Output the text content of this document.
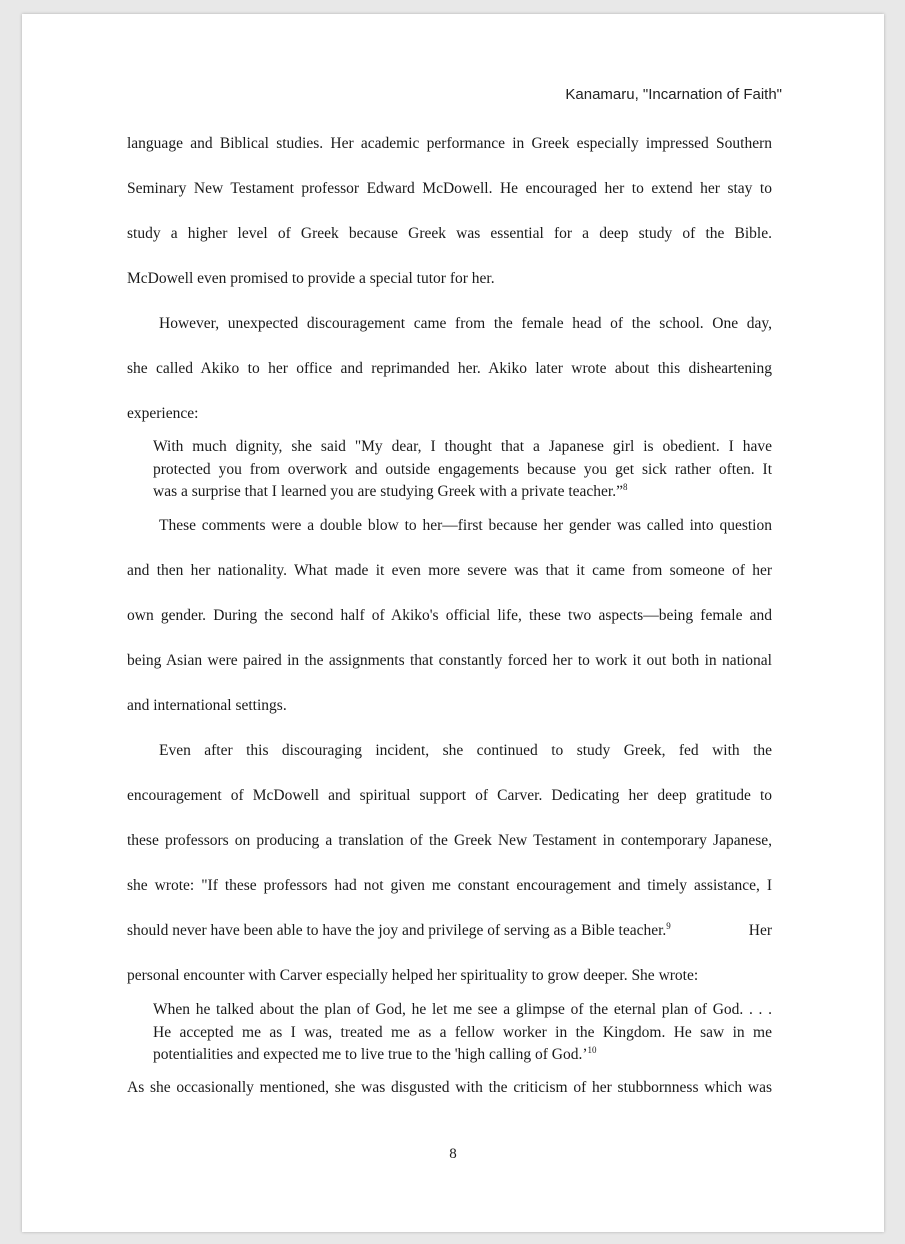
Kanamaru, "Incarnation of Faith"
language and Biblical studies. Her academic performance in Greek especially impressed Southern
Seminary New Testament professor Edward McDowell. He encouraged her to extend her stay to
study a higher level of Greek because Greek was essential for a deep study of the Bible.
McDowell even promised to provide a special tutor for her.
However, unexpected discouragement came from the female head of the school. One day,
she called Akiko to her office and reprimanded her. Akiko later wrote about this disheartening
experience:
With much dignity, she said "My dear, I thought that a Japanese girl is obedient. I have
protected you from overwork and outside engagements because you get sick rather often. It
was a surprise that I learned you are studying Greek with a private teacher.”$^8$
These comments were a double blow to her—first because her gender was called into question
and then her nationality. What made it even more severe was that it came from someone of her
own gender. During the second half of Akiko's official life, these two aspects—being female and
being Asian were paired in the assignments that constantly forced her to work it out both in national
and international settings.
Even after this discouraging incident, she continued to study Greek, fed with the
encouragement of McDowell and spiritual support of Carver. Dedicating her deep gratitude to
these professors on producing a translation of the Greek New Testament in contemporary Japanese,
she wrote: "If these professors had not given me constant encouragement and timely assistance, I
should never have been able to have the joy and privilege of serving as a Bible teacher.$^9$	Her
personal encounter with Carver especially helped her spirituality to grow deeper. She wrote:
When he talked about the plan of God, he let me see a glimpse of the eternal plan of God. . . .
He accepted me as I was, treated me as a fellow worker in the Kingdom. He saw in me
potentialities and expected me to live true to the 'high calling of God.’$^{10}$
As she occasionally mentioned, she was disgusted with the criticism of her stubbornness which was
8
